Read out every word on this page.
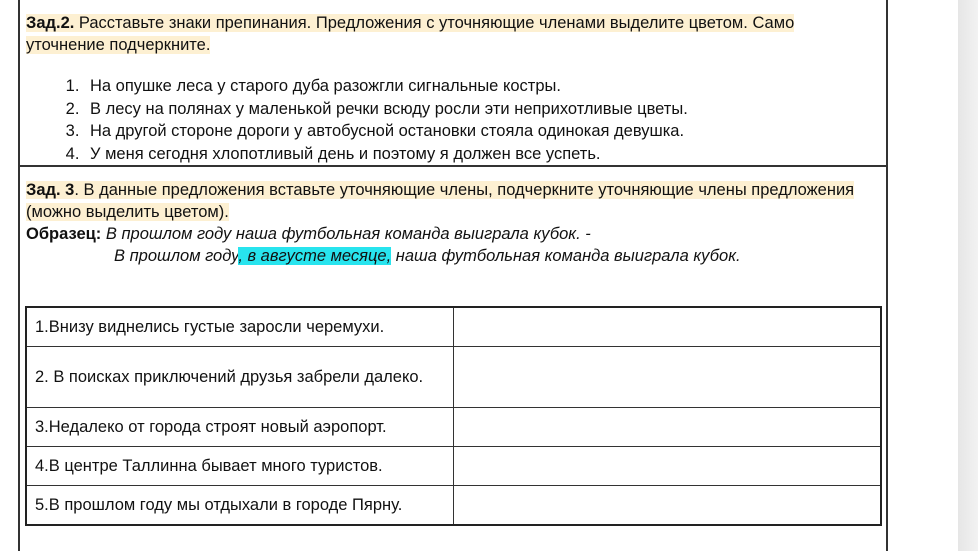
Зад.2. Расставьте знаки препинания. Предложения с уточняющие членами выделите цветом. Само уточнение подчеркните.
1. На опушке леса у старого дуба разожгли сигнальные костры.
2. В лесу на полянах у маленькой речки всюду росли эти неприхотливые цветы.
3. На другой стороне дороги у автобусной остановки стояла одинокая девушка.
4. У меня сегодня хлопотливый день и поэтому я должен все успеть.
Зад. 3. В данные предложения вставьте уточняющие члены, подчеркните уточняющие члены предложения (можно выделить цветом).
Образец: В прошлом году наша футбольная команда выиграла кубок. -
В прошлом году, в августе месяце, наша футбольная команда выиграла кубок.
1.Внизу виднелись густые заросли черемухи.	
2. В поисках приключений друзья забрели далеко.	
3.Недалеко от города строят новый аэропорт.	
4.В центре Таллинна бывает много туристов.	
5.В прошлом году мы отдыхали в городе Пярну.	
